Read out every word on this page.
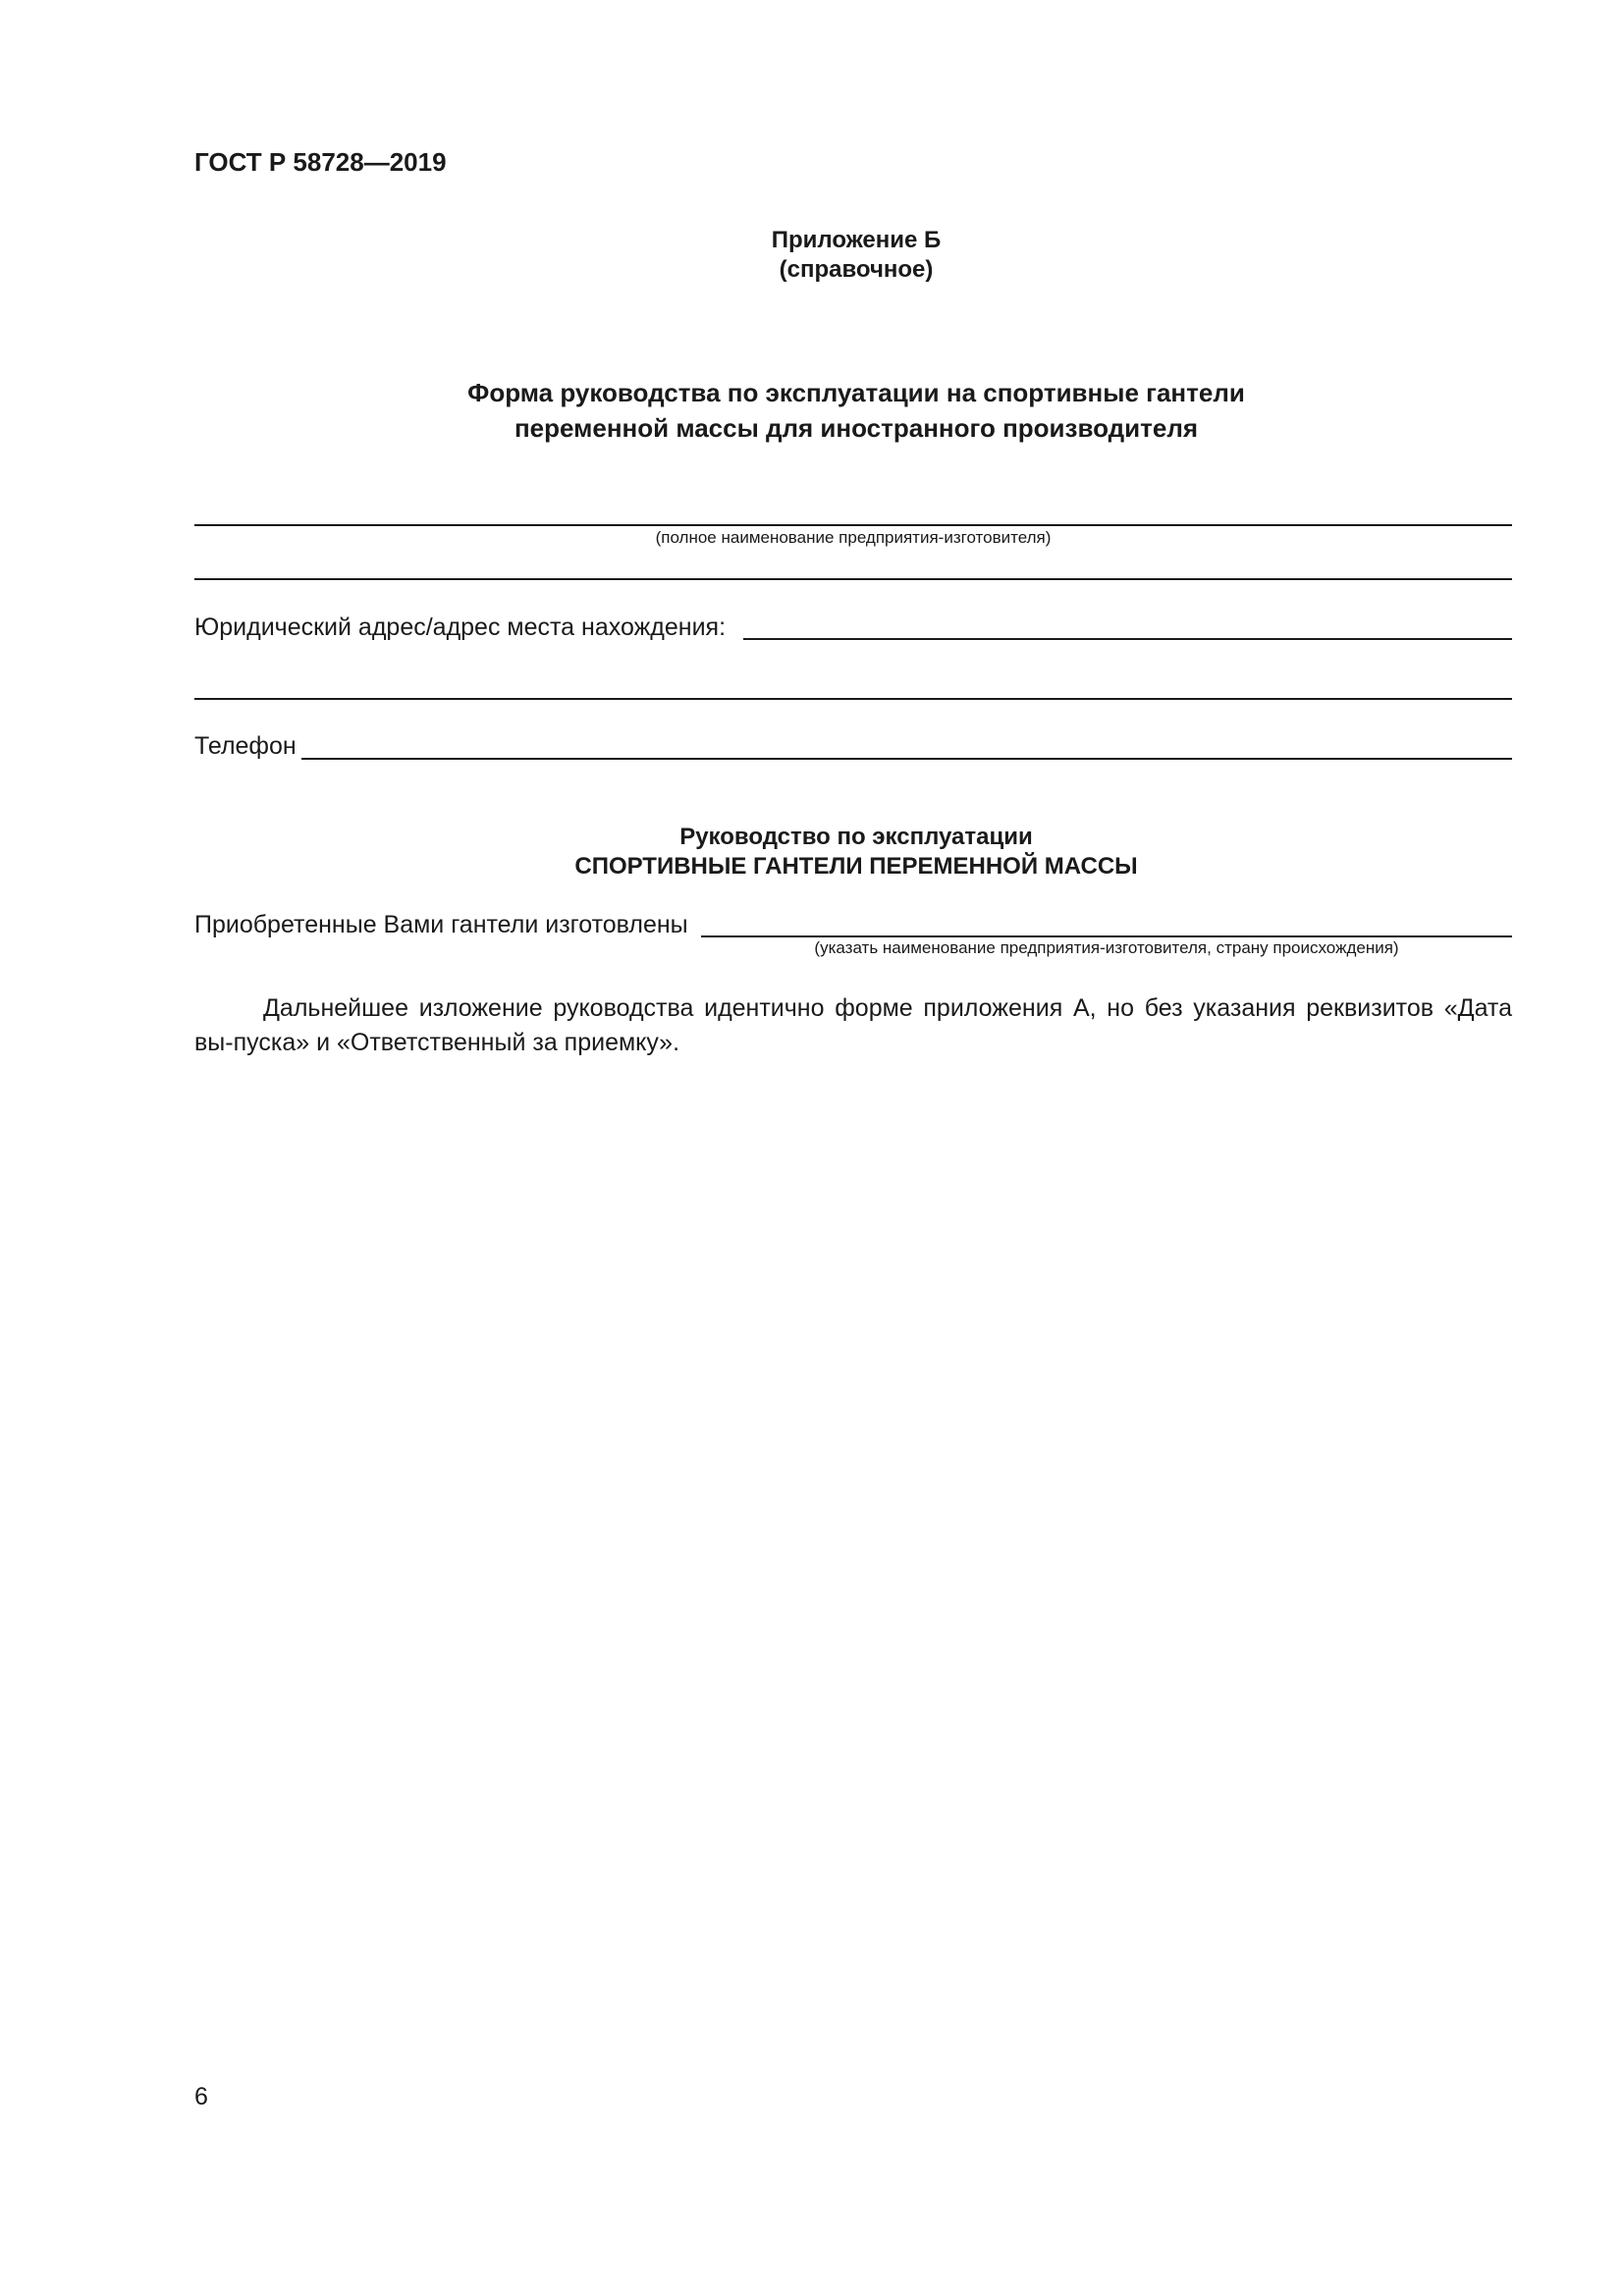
ГОСТ Р 58728—2019
Приложение Б
(справочное)
Форма руководства по эксплуатации на спортивные гантели
переменной массы для иностранного производителя
(полное наименование предприятия-изготовителя)
Юридический адрес/адрес места нахождения:
Телефон
Руководство по эксплуатации
СПОРТИВНЫЕ ГАНТЕЛИ ПЕРЕМЕННОЙ МАССЫ
Приобретенные Вами гантели изготовлены
(указать наименование предприятия-изготовителя, страну происхождения)
Дальнейшее изложение руководства идентично форме приложения А, но без указания реквизитов «Дата вы-пуска» и «Ответственный за приемку».
6
